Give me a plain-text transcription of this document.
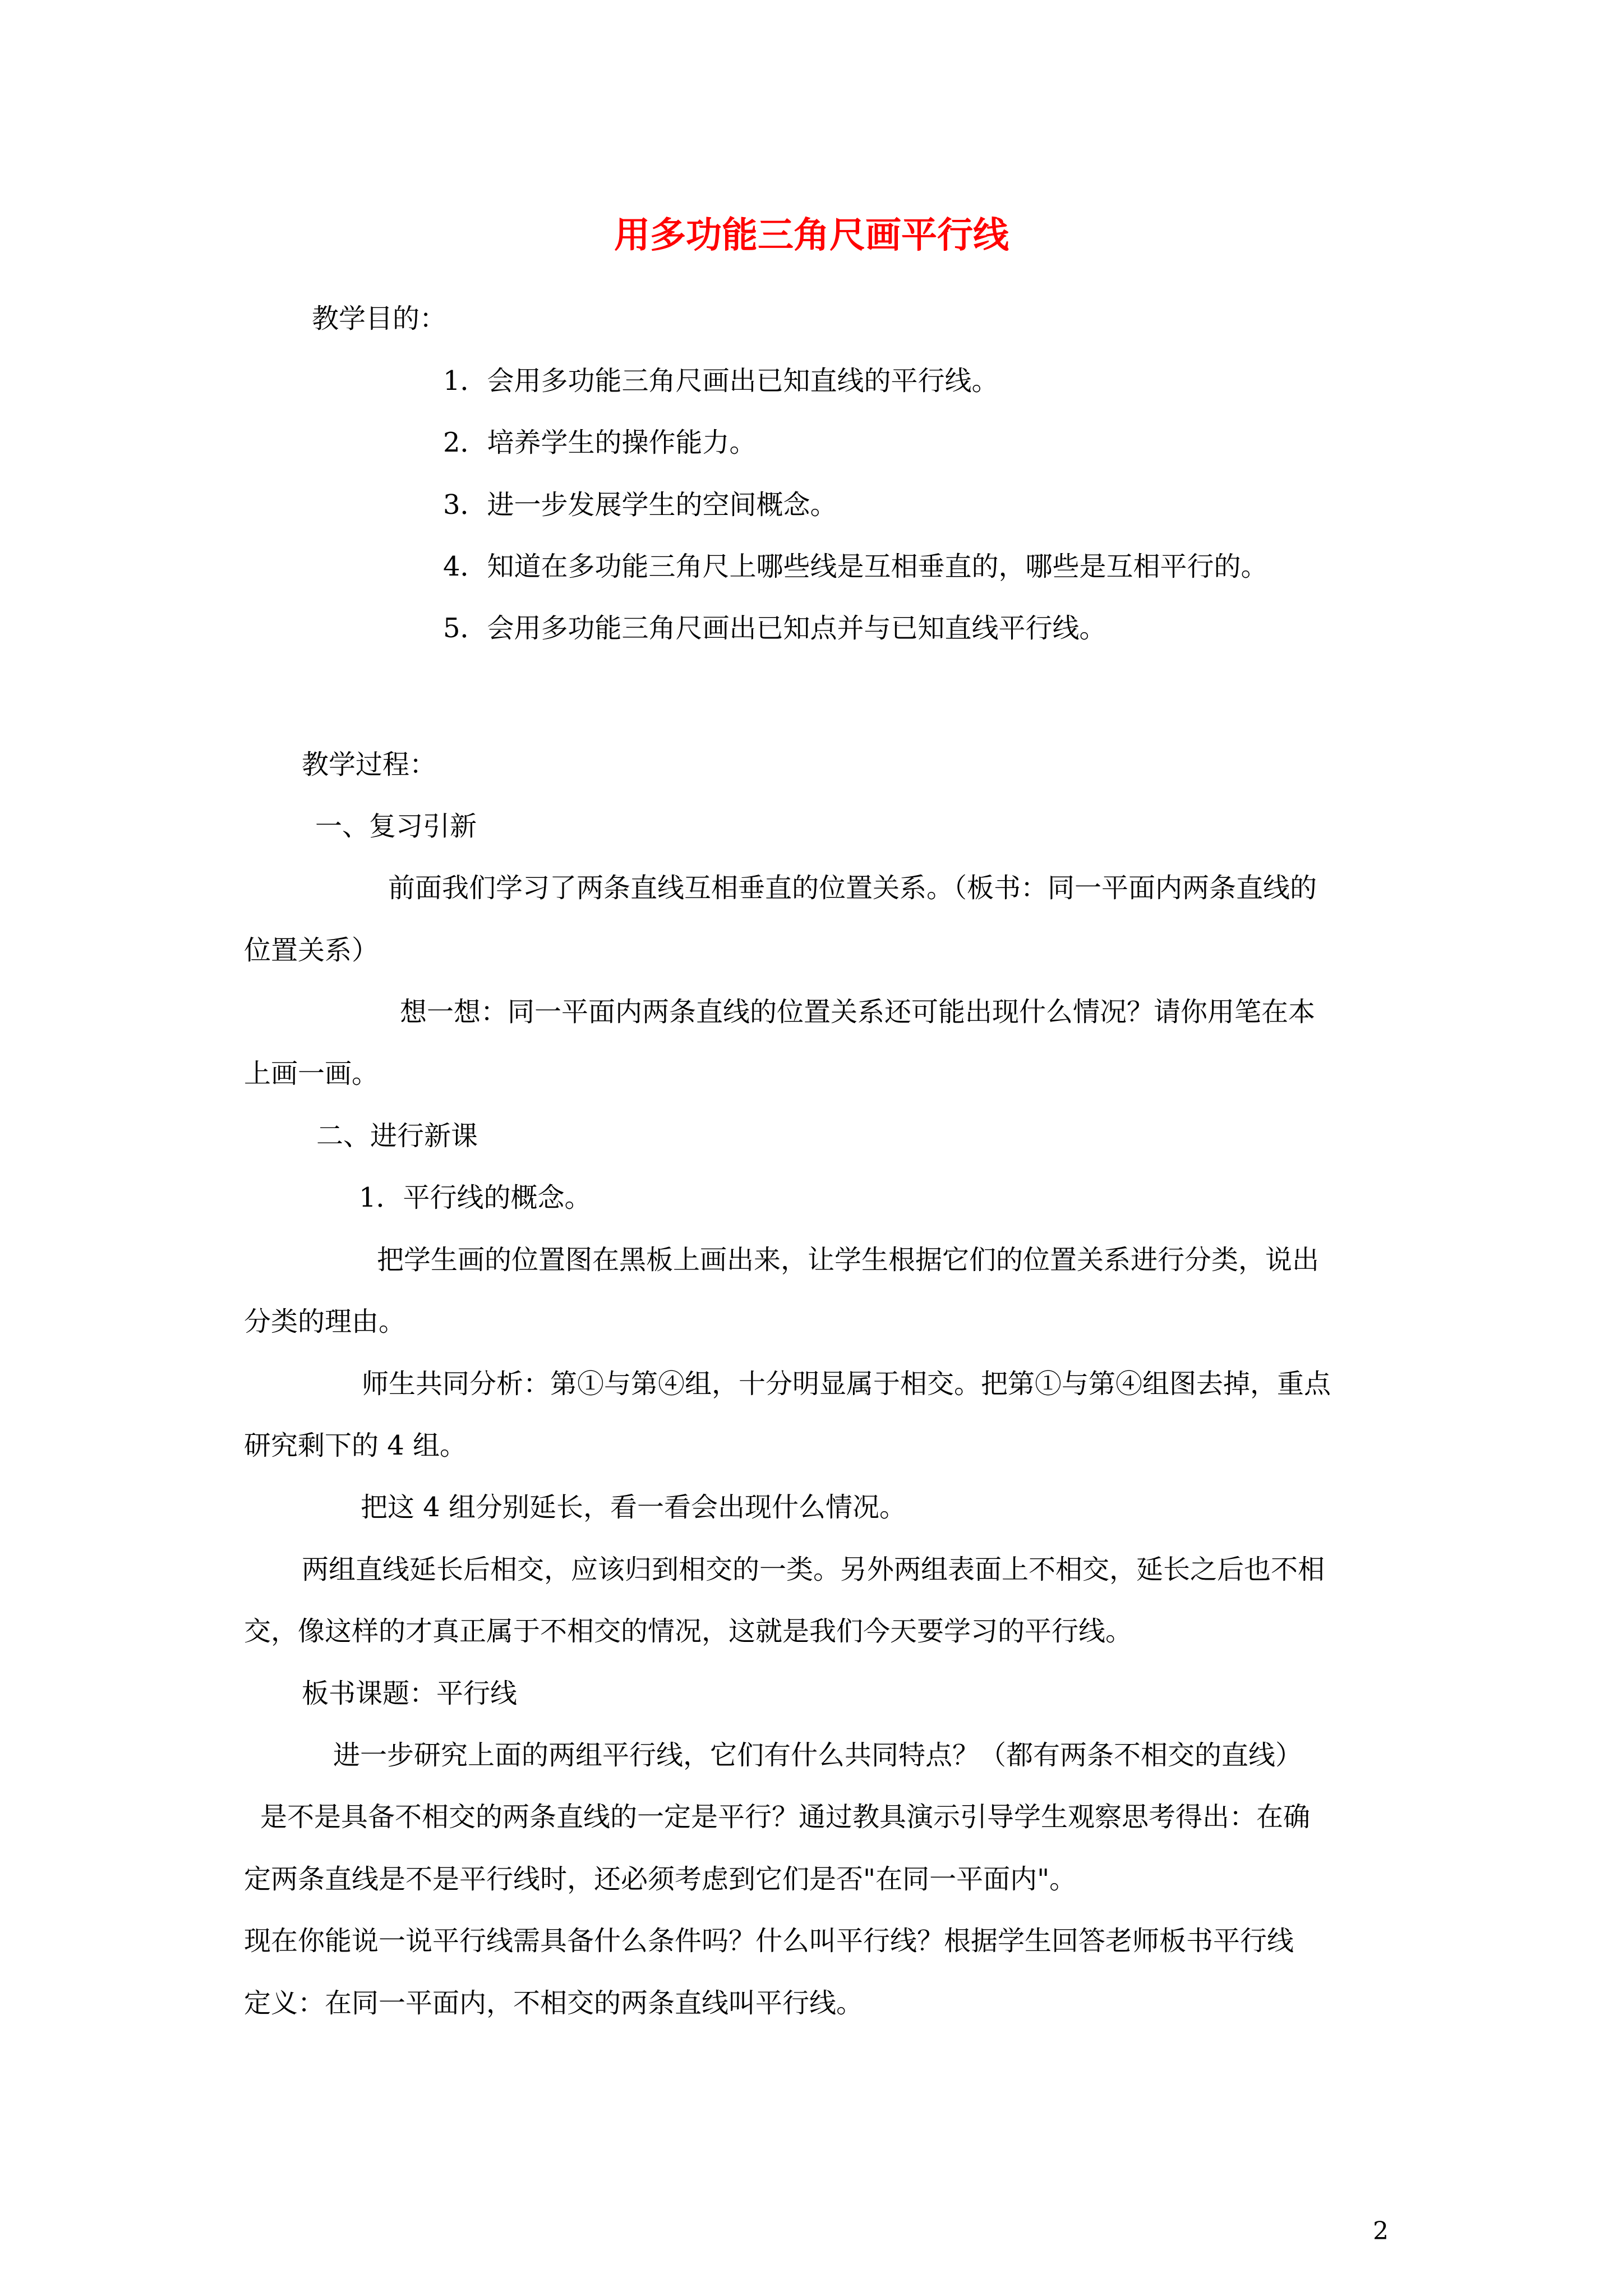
用多功能三角尺画平行线
教学目的：
1．会用多功能三角尺画出已知直线的平行线。
2．培养学生的操作能力。
3．进一步发展学生的空间概念。
4．知道在多功能三角尺上哪些线是互相垂直的，哪些是互相平行的。
5．会用多功能三角尺画出已知点并与已知直线平行线。
教学过程：
一、复习引新
前面我们学习了两条直线互相垂直的位置关系。（板书：同一平面内两条直线的
位置关系）
想一想：同一平面内两条直线的位置关系还可能出现什么情况？请你用笔在本
上画一画。
二、进行新课
1．平行线的概念。
把学生画的位置图在黑板上画出来，让学生根据它们的位置关系进行分类，说出
分类的理由。
师生共同分析：第①与第④组，十分明显属于相交。把第①与第④组图去掉，重点
研究剩下的 4 组。
把这 4 组分别延长，看一看会出现什么情况。
两组直线延长后相交，应该归到相交的一类。另外两组表面上不相交，延长之后也不相
交，像这样的才真正属于不相交的情况，这就是我们今天要学习的平行线。
板书课题：平行线
进一步研究上面的两组平行线，它们有什么共同特点？（都有两条不相交的直线）
是不是具备不相交的两条直线的一定是平行？通过教具演示引导学生观察思考得出：在确
定两条直线是不是平行线时，还必须考虑到它们是否"在同一平面内"。
现在你能说一说平行线需具备什么条件吗？什么叫平行线？根据学生回答老师板书平行线
定义：在同一平面内，不相交的两条直线叫平行线。
2
